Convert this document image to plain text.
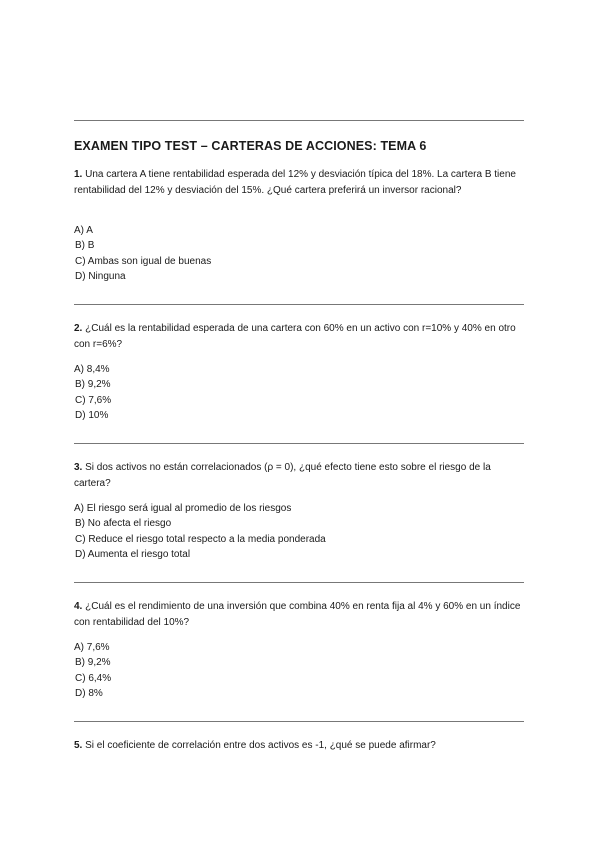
EXAMEN TIPO TEST – CARTERAS DE ACCIONES: TEMA 6
1. Una cartera A tiene rentabilidad esperada del 12% y desviación típica del 18%. La cartera B tiene rentabilidad del 12% y desviación del 15%. ¿Qué cartera preferirá un inversor racional?
A) A
B) B
C) Ambas son igual de buenas
D) Ninguna
2. ¿Cuál es la rentabilidad esperada de una cartera con 60% en un activo con r=10% y 40% en otro con r=6%?
A) 8,4%
B) 9,2%
C) 7,6%
D) 10%
3. Si dos activos no están correlacionados (ρ = 0), ¿qué efecto tiene esto sobre el riesgo de la cartera?
A) El riesgo será igual al promedio de los riesgos
B) No afecta el riesgo
C) Reduce el riesgo total respecto a la media ponderada
D) Aumenta el riesgo total
4. ¿Cuál es el rendimiento de una inversión que combina 40% en renta fija al 4% y 60% en un índice con rentabilidad del 10%?
A) 7,6%
B) 9,2%
C) 6,4%
D) 8%
5. Si el coeficiente de correlación entre dos activos es -1, ¿qué se puede afirmar?
